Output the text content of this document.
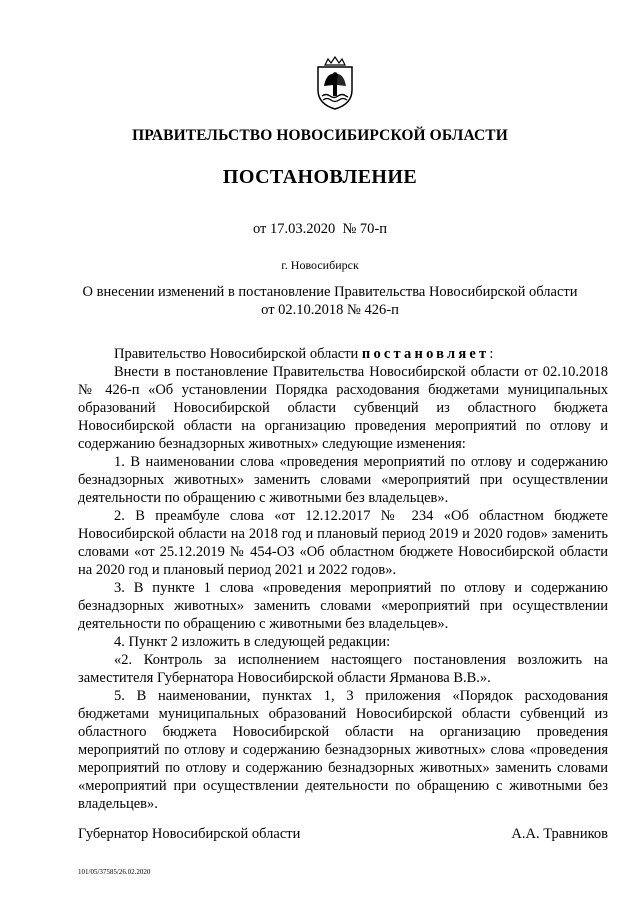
ПРАВИТЕЛЬСТВО НОВОСИБИРСКОЙ ОБЛАСТИ
ПОСТАНОВЛЕНИЕ
от 17.03.2020  № 70-п
г. Новосибирск
О внесении изменений в постановление Правительства Новосибирской области
от 02.10.2018 № 426-п

Правительство Новосибирской области постановляет:

Внести в постановление Правительства Новосибирской области от 02.10.2018 № 426-п «Об установлении Порядка расходования бюджетами муниципальных образований Новосибирской области субвенций из областного бюджета Новосибирской области на организацию проведения мероприятий по отлову и содержанию безнадзорных животных» следующие изменения:

1. В наименовании слова «проведения мероприятий по отлову и содержанию безнадзорных животных» заменить словами «мероприятий при осуществлении деятельности по обращению с животными без владельцев».

2. В преамбуле слова «от 12.12.2017 № 234 «Об областном бюджете Новосибирской области на 2018 год и плановый период 2019 и 2020 годов» заменить словами «от 25.12.2019 № 454-ОЗ «Об областном бюджете Новосибирской области на 2020 год и плановый период 2021 и 2022 годов».

3. В пункте 1 слова «проведения мероприятий по отлову и содержанию безнадзорных животных» заменить словами «мероприятий при осуществлении деятельности по обращению с животными без владельцев».

4. Пункт 2 изложить в следующей редакции:

«2. Контроль за исполнением настоящего постановления возложить на заместителя Губернатора Новосибирской области Ярманова В.В.».

5. В наименовании, пунктах 1, 3 приложения «Порядок расходования бюджетами муниципальных образований Новосибирской области субвенций из областного бюджета Новосибирской области на организацию проведения мероприятий по отлову и содержанию безнадзорных животных» слова «проведения мероприятий по отлову и содержанию безнадзорных животных» заменить словами «мероприятий при осуществлении деятельности по обращению с животными без владельцев».

Губернатор Новосибирской области	А.А. Травников
101/05/37585/26.02.2020
